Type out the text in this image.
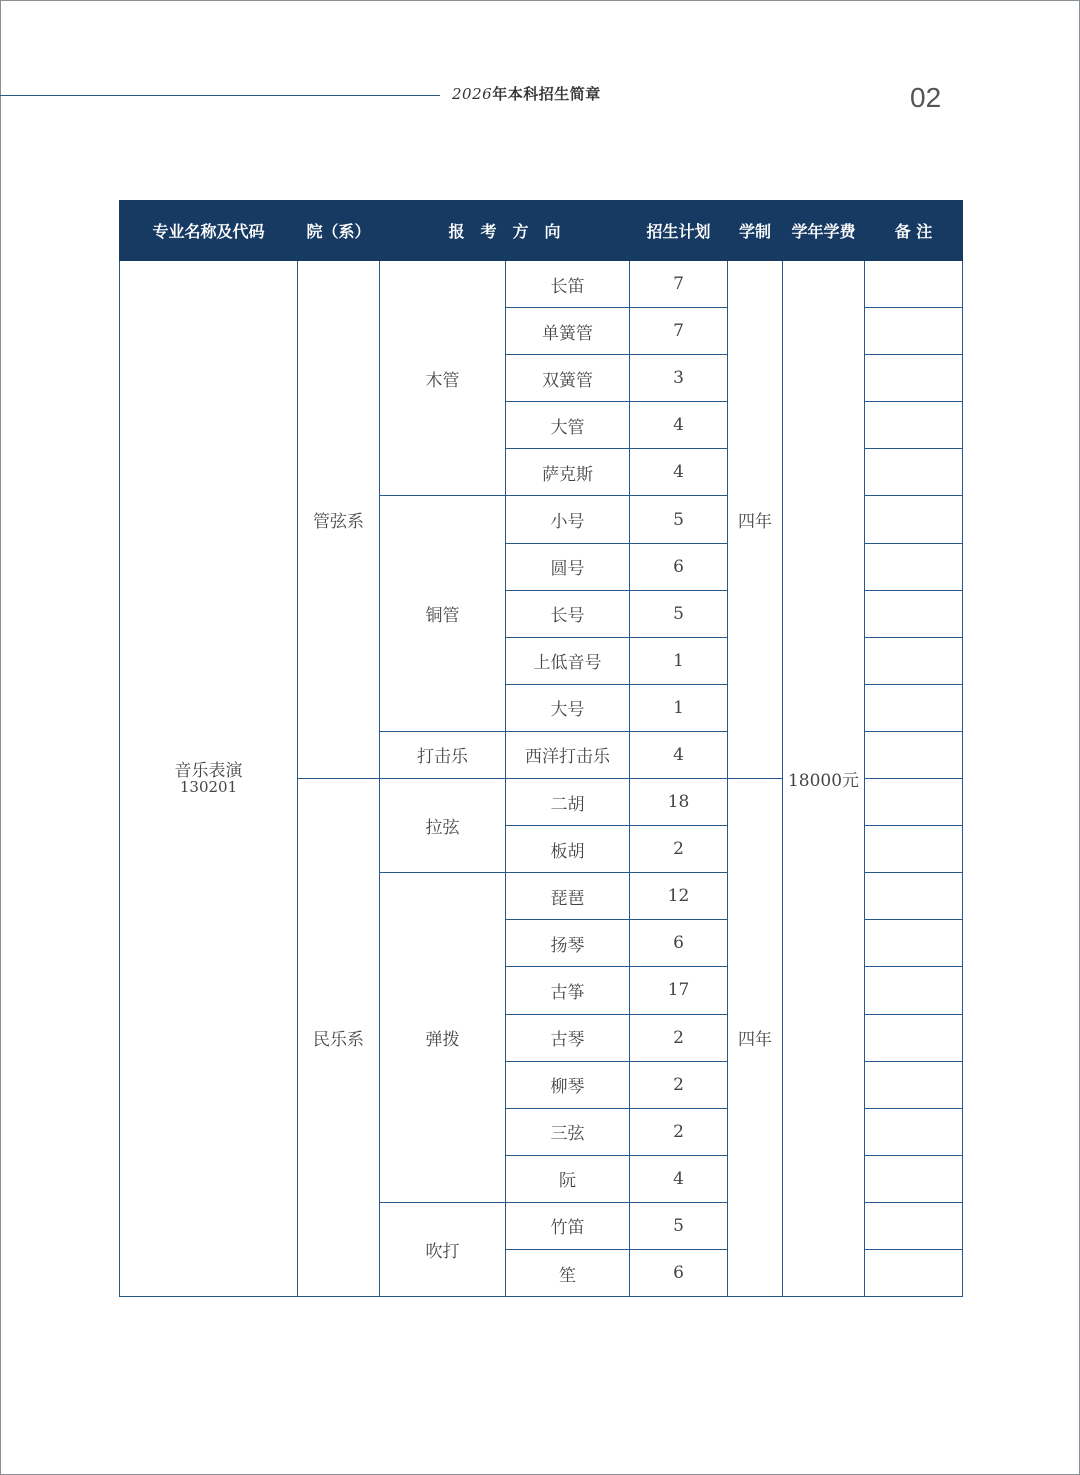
2026年本科招生简章	02
专业名称及代码	院（系）	报　考　方　向		招生计划	学制	学年学费	备 注

音乐表演
130201	管弦系	木管	长笛	7	四年	18000元	
			单簧管	7			
			双簧管	3			
			大管	4			
			萨克斯	4			
		铜管	小号	5			
			圆号	6			
			长号	5			
			上低音号	1			
			大号	1			
		打击乐	西洋打击乐	4			
	民乐系	拉弦	二胡	18	四年		
			板胡	2			
		弹拨	琵琶	12			
			扬琴	6			
			古筝	17			
			古琴	2			
			柳琴	2			
			三弦	2			
			阮	4			
		吹打	竹笛	5			
			笙	6			
